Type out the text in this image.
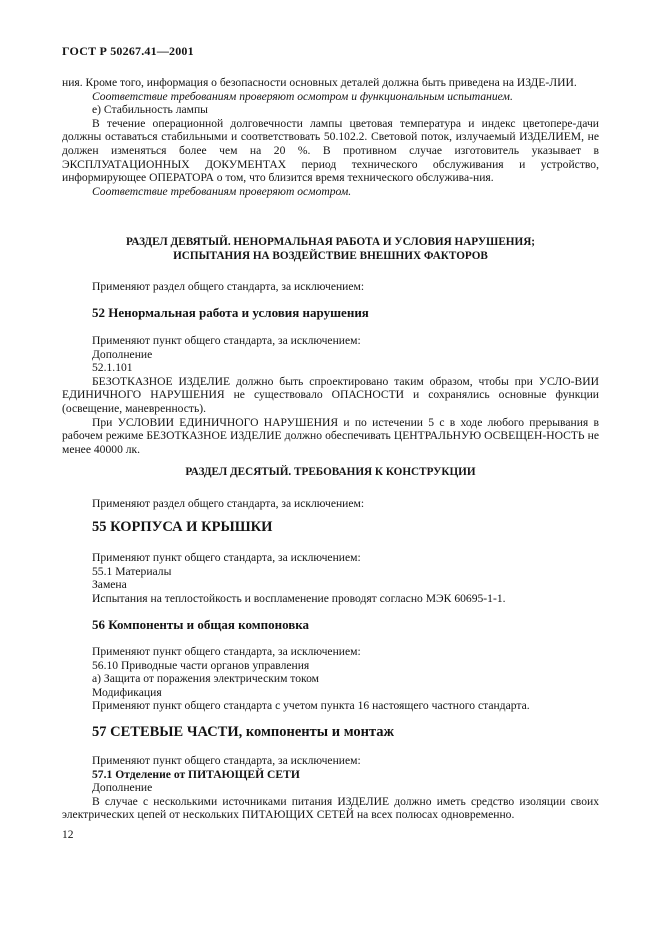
ГОСТ Р 50267.41—2001

ния. Кроме того, информация о безопасности основных деталей должна быть приведена на ИЗДЕ-ЛИИ.

Соответствие требованиям проверяют осмотром и функциональным испытанием.

е) Стабильность лампы

В течение операционной долговечности лампы цветовая температура и индекс цветопере-дачи должны оставаться стабильными и соответствовать 50.102.2. Световой поток, излучаемый ИЗДЕЛИЕМ, не должен изменяться более чем на 20 %. В противном случае изготовитель указывает в ЭКСПЛУАТАЦИОННЫХ ДОКУМЕНТАХ период технического обслуживания и устройство, информирующее ОПЕРАТОРА о том, что близится время технического обслужива-ния.

Соответствие требованиям проверяют осмотром.

РАЗДЕЛ ДЕВЯТЫЙ. НЕНОРМАЛЬНАЯ РАБОТА И УСЛОВИЯ НАРУШЕНИЯ;
ИСПЫТАНИЯ НА ВОЗДЕЙСТВИЕ ВНЕШНИХ ФАКТОРОВ

Применяют раздел общего стандарта, за исключением:

52 Ненормальная работа и условия нарушения

Применяют пункт общего стандарта, за исключением:

Дополнение

52.1.101

БЕЗОТКАЗНОЕ ИЗДЕЛИЕ должно быть спроектировано таким образом, чтобы при УСЛО-ВИИ ЕДИНИЧНОГО НАРУШЕНИЯ не существовало ОПАСНОСТИ и сохранялись основные функции (освещение, маневренность).

При УСЛОВИИ ЕДИНИЧНОГО НАРУШЕНИЯ и по истечении 5 с в ходе любого прерывания в рабочем режиме БЕЗОТКАЗНОЕ ИЗДЕЛИЕ должно обеспечивать ЦЕНТРАЛЬНУЮ ОСВЕЩЕН-НОСТЬ не менее 40000 лк.

РАЗДЕЛ ДЕСЯТЫЙ. ТРЕБОВАНИЯ К КОНСТРУКЦИИ

Применяют раздел общего стандарта, за исключением:

55 КОРПУСА И КРЫШКИ

Применяют пункт общего стандарта, за исключением:

55.1 Материалы

Замена

Испытания на теплостойкость и воспламенение проводят согласно МЭК 60695-1-1.

56 Компоненты и общая компоновка

Применяют пункт общего стандарта, за исключением:

56.10 Приводные части органов управления

а) Защита от поражения электрическим током

Модификация

Применяют пункт общего стандарта с учетом пункта 16 настоящего частного стандарта.

57 СЕТЕВЫЕ ЧАСТИ, компоненты и монтаж

Применяют пункт общего стандарта, за исключением:

57.1 Отделение от ПИТАЮЩЕЙ СЕТИ

Дополнение

В случае с несколькими источниками питания ИЗДЕЛИЕ должно иметь средство изоляции своих электрических цепей от нескольких ПИТАЮЩИХ СЕТЕЙ на всех полюсах одновременно.

12
